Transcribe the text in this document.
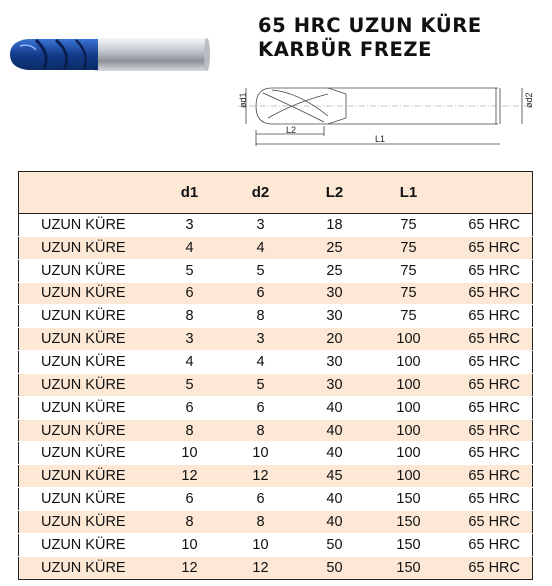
65 HRC UZUN KÜRE
KARBÜR FREZE
ød1	ød2
L2
L1
	d1	d2	L2	L1	
UZUN KÜRE	3	3	18	75	65 HRC
UZUN KÜRE	4	4	25	75	65 HRC
UZUN KÜRE	5	5	25	75	65 HRC
UZUN KÜRE	6	6	30	75	65 HRC
UZUN KÜRE	8	8	30	75	65 HRC
UZUN KÜRE	3	3	20	100	65 HRC
UZUN KÜRE	4	4	30	100	65 HRC
UZUN KÜRE	5	5	30	100	65 HRC
UZUN KÜRE	6	6	40	100	65 HRC
UZUN KÜRE	8	8	40	100	65 HRC
UZUN KÜRE	10	10	40	100	65 HRC
UZUN KÜRE	12	12	45	100	65 HRC
UZUN KÜRE	6	6	40	150	65 HRC
UZUN KÜRE	8	8	40	150	65 HRC
UZUN KÜRE	10	10	50	150	65 HRC
UZUN KÜRE	12	12	50	150	65 HRC
